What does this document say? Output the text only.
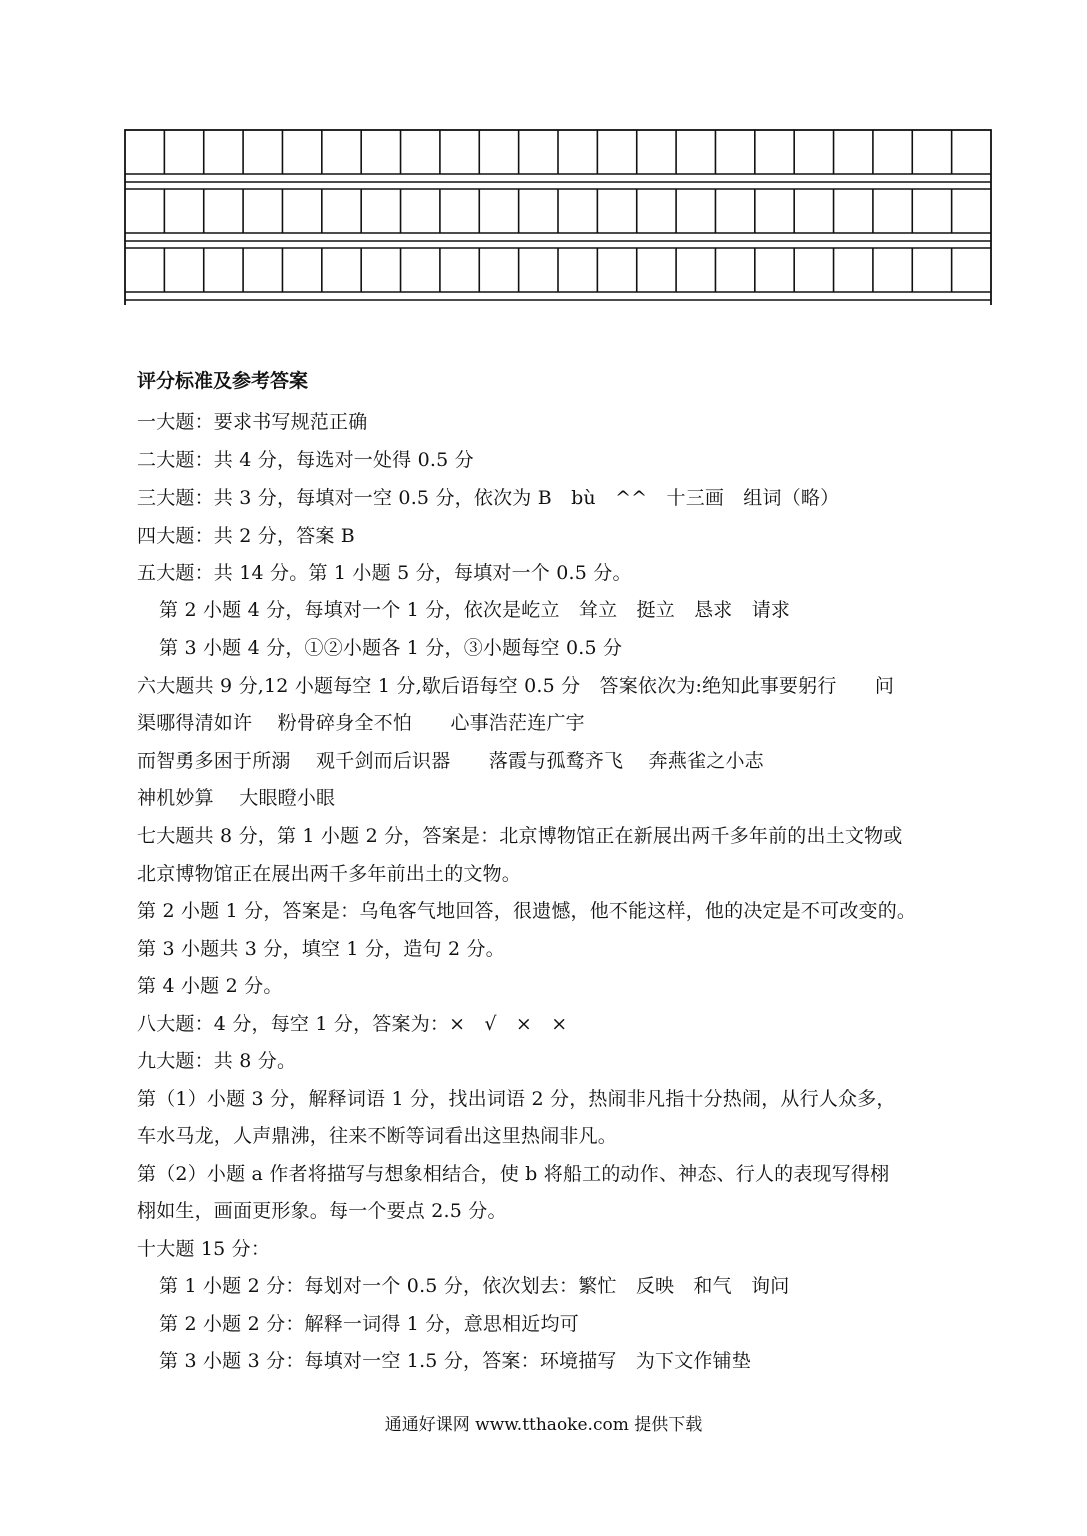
评分标准及参考答案
一大题：要求书写规范正确
二大题：共 4 分，每选对一处得 0.5 分
三大题：共 3 分，每填对一空 0.5 分，依次为 B　bù　^^　十三画　组词（略）
四大题：共 2 分，答案 B
五大题：共 14 分。第 1 小题 5 分，每填对一个 0.5 分。
第 2 小题 4 分，每填对一个 1 分，依次是屹立　耸立　挺立　恳求　请求
第 3 小题 4 分，①②小题各 1 分，③小题每空 0.5 分
六大题共 9 分,12 小题每空 1 分,歇后语每空 0.5 分　答案依次为:绝知此事要躬行　　问
渠哪得清如许　 粉骨碎身全不怕　　心事浩茫连广宇
而智勇多困于所溺　 观千剑而后识器　　落霞与孤鹜齐飞　 奔燕雀之小志
神机妙算　 大眼瞪小眼
七大题共 8 分，第 1 小题 2 分，答案是：北京博物馆正在新展出两千多年前的出土文物或
北京博物馆正在展出两千多年前出土的文物。
第 2 小题 1 分，答案是：乌龟客气地回答，很遗憾，他不能这样，他的决定是不可改变的。
第 3 小题共 3 分，填空 1 分，造句 2 分。
第 4 小题 2 分。
八大题：4 分，每空 1 分，答案为：×　√　×　×
九大题：共 8 分。
第（1）小题 3 分，解释词语 1 分，找出词语 2 分，热闹非凡指十分热闹，从行人众多，
车水马龙，人声鼎沸，往来不断等词看出这里热闹非凡。
第（2）小题 a 作者将描写与想象相结合，使 b 将船工的动作、神态、行人的表现写得栩
栩如生，画面更形象。每一个要点 2.5 分。
十大题 15 分：
第 1 小题 2 分：每划对一个 0.5 分，依次划去：繁忙　反映　和气　询问
第 2 小题 2 分：解释一词得 1 分，意思相近均可
第 3 小题 3 分：每填对一空 1.5 分，答案：环境描写　为下文作铺垫
通通好课网 www.tthaoke.com 提供下载
